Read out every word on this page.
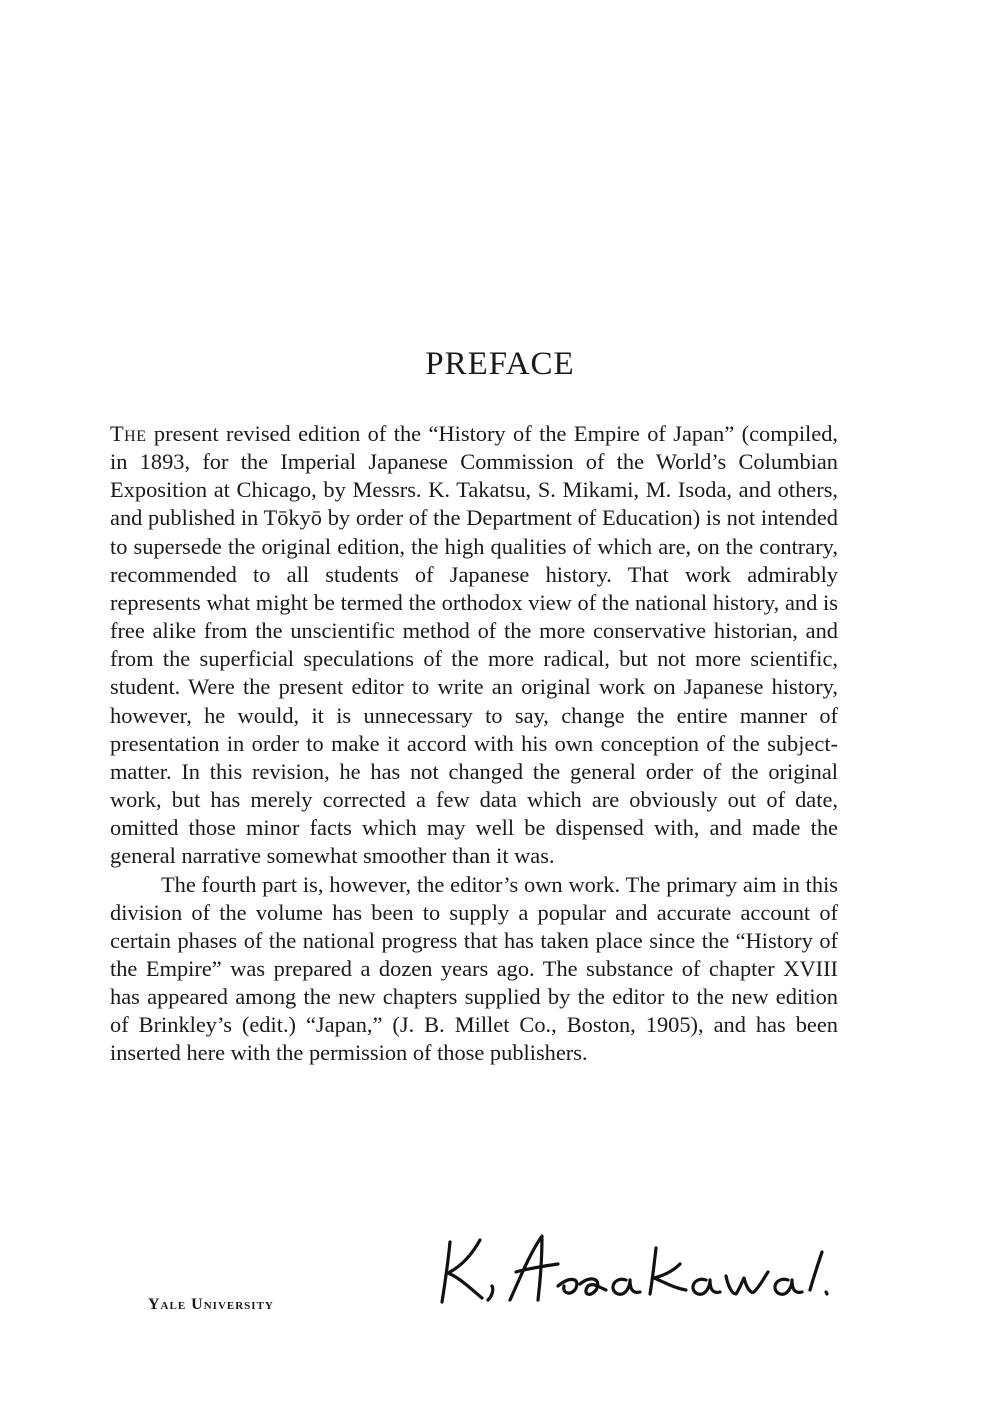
PREFACE

The present revised edition of the “History of the Empire of Japan” (compiled, in 1893, for the Imperial Japanese Commission of the World’s Columbian Exposition at Chicago, by Messrs. K. Takatsu, S. Mikami, M. Isoda, and others, and published in Tōkyō by order of the Department of Education) is not intended to supersede the original edition, the high qualities of which are, on the contrary, recommended to all students of Japanese history. That work admirably represents what might be termed the orthodox view of the national history, and is free alike from the unscientific method of the more conservative historian, and from the superficial speculations of the more radical, but not more scientific, student. Were the present editor to write an original work on Japanese history, however, he would, it is unnecessary to say, change the entire manner of presentation in order to make it accord with his own conception of the subject-matter. In this revision, he has not changed the general order of the original work, but has merely corrected a few data which are obviously out of date, omitted those minor facts which may well be dispensed with, and made the general narrative somewhat smoother than it was.

The fourth part is, however, the editor’s own work. The primary aim in this division of the volume has been to supply a popular and accurate account of certain phases of the national progress that has taken place since the “History of the Empire” was prepared a dozen years ago. The substance of chapter XVIII has appeared among the new chapters supplied by the editor to the new edition of Brinkley’s (edit.) “Japan,” (J. B. Millet Co., Boston, 1905), and has been inserted here with the permission of those publishers.

Yale University
